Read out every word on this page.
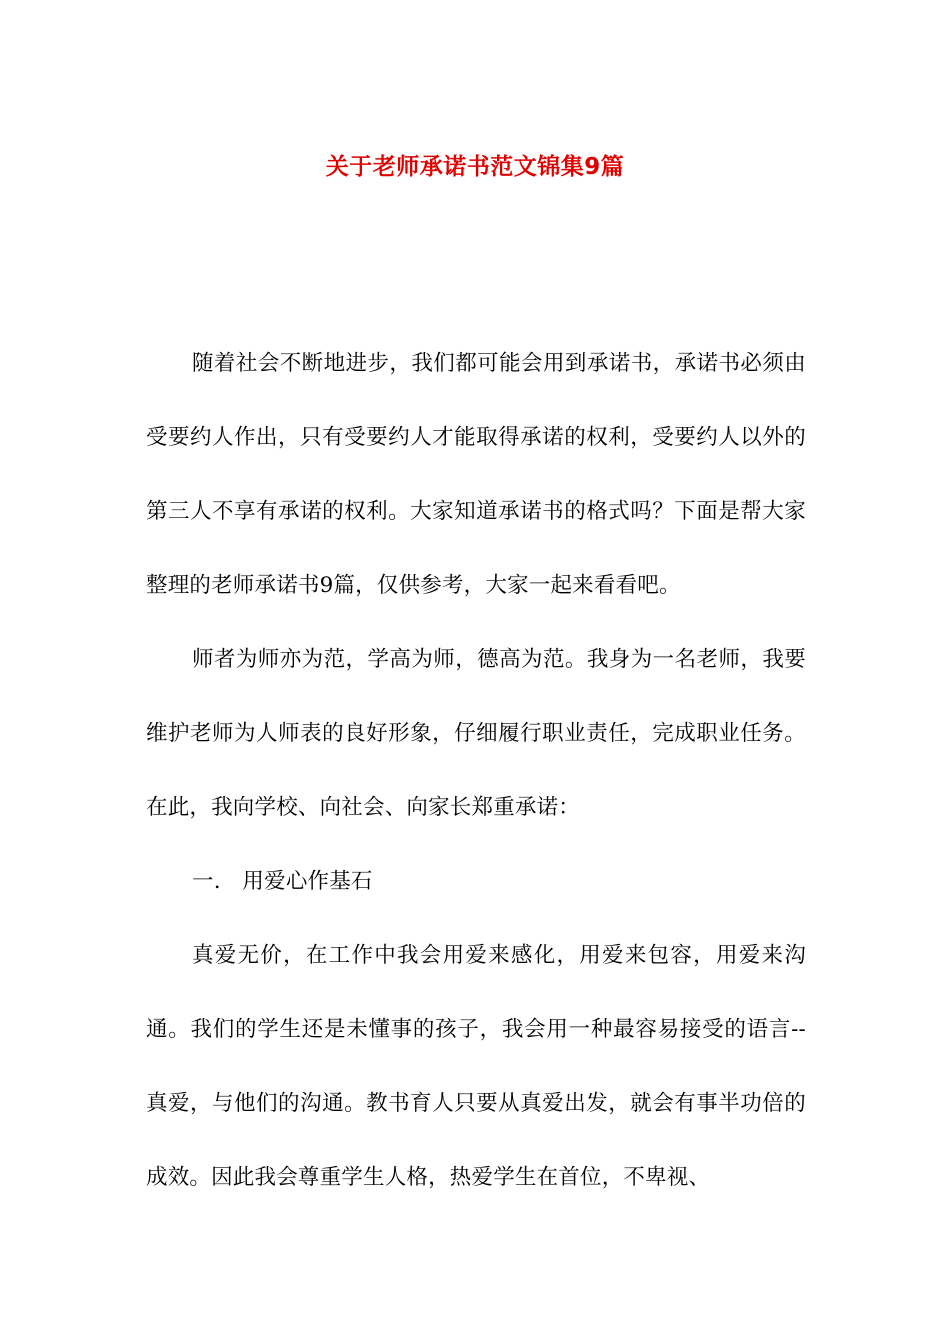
关于老师承诺书范文锦集9篇

随着社会不断地进步，我们都可能会用到承诺书，承诺书必须由受要约人作出，只有受要约人才能取得承诺的权利，受要约人以外的第三人不享有承诺的权利。大家知道承诺书的格式吗？下面是帮大家整理的老师承诺书9篇，仅供参考，大家一起来看看吧。

师者为师亦为范，学高为师，德高为范。我身为一名老师，我要维护老师为人师表的良好形象，仔细履行职业责任，完成职业任务。在此，我向学校、向社会、向家长郑重承诺：

一.　用爱心作基石

真爱无价，在工作中我会用爱来感化，用爱来包容，用爱来沟通。我们的学生还是未懂事的孩子，我会用一种最容易接受的语言--真爱，与他们的沟通。教书育人只要从真爱出发，就会有事半功倍的成效。因此我会尊重学生人格，热爱学生在首位，不卑视、
